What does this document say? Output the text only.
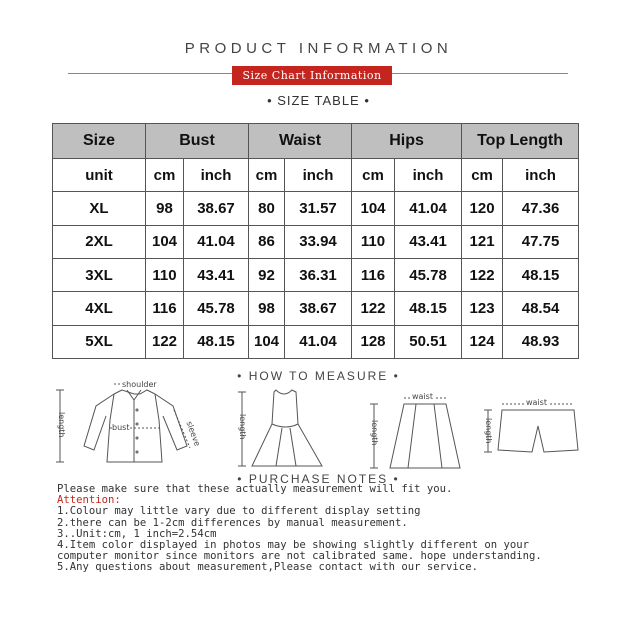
PRODUCT INFORMATION
Size Chart Information
• SIZE TABLE •
Size	Bust		Waist		Hips		Top Length	
unit	cm	inch	cm	inch	cm	inch	cm	inch
XL	98	38.67	80	31.57	104	41.04	120	47.36
2XL	104	41.04	86	33.94	110	43.41	121	47.75
3XL	110	43.41	92	36.31	116	45.78	122	48.15
4XL	116	45.78	98	38.67	122	48.15	123	48.54
5XL	122	48.15	104	41.04	128	50.51	124	48.93
• HOW TO MEASURE •
shoulder
bust	sleeve
length	length
waist
length
waist
length
• PURCHASE NOTES •
Please make sure that these actually measurement will fit you.
Attention:
1.Colour may little vary due to different display setting
2.there can be 1-2cm differences by manual measurement.
3..Unit:cm, 1 inch=2.54cm
4.Item color displayed in photos may be showing slightly different on your
computer monitor since monitors are not calibrated same. hope understanding.
5.Any questions about measurement,Please contact with our service.
